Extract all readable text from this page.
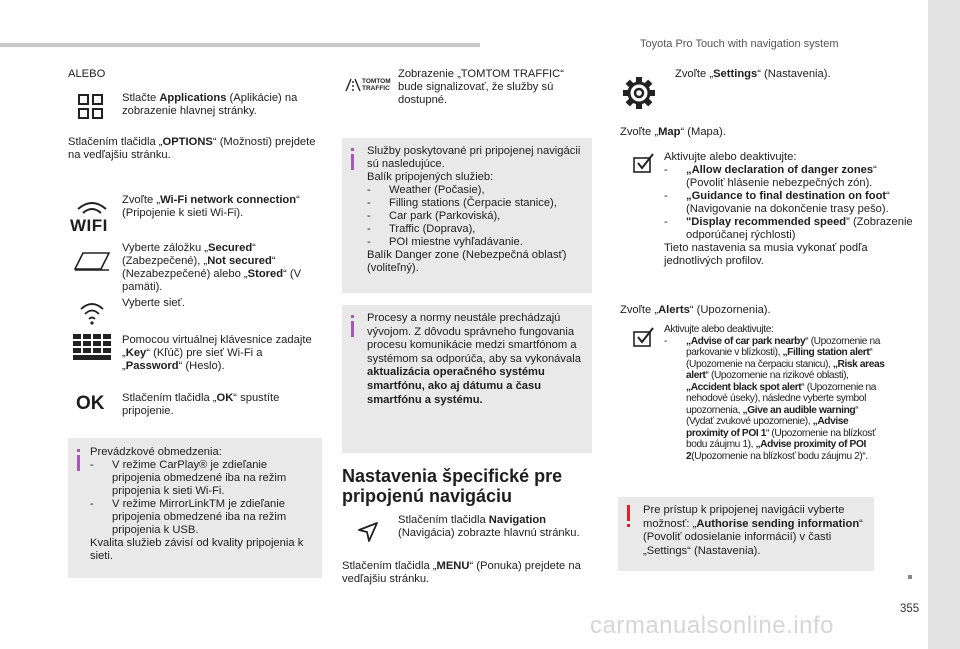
Toyota Pro Touch with navigation system
355
ALEBO
Stlačte Applications (Aplikácie) na zobrazenie hlavnej stránky.
Stlačením tlačidla „OPTIONS“ (Možnosti) prejdete na vedľajšiu stránku.
WIFI
Zvoľte „Wi-Fi network connection“ (Pripojenie k sieti Wi-Fi).
Vyberte záložku „Secured“ (Zabezpečené), „Not secured“ (Nezabezpečené) alebo „Stored“ (V pamäti).
Vyberte sieť.
Pomocou virtuálnej klávesnice zadajte „Key“ (Kľúč) pre sieť Wi-Fi a „Password“ (Heslo).
OK Stlačením tlačidla „OK“ spustíte pripojenie.
Prevádzkové obmedzenia:
- V režime CarPlay® je zdieľanie pripojenia obmedzené iba na režim pripojenia k sieti Wi-Fi.
- V režime MirrorLinkTM je zdieľanie pripojenia obmedzené iba na režim pripojenia k USB.
Kvalita služieb závisí od kvality pripojenia k sieti.
TOMTOM TRAFFIC
Zobrazenie „TOMTOM TRAFFIC“ bude signalizovať, že služby sú dostupné.
Služby poskytované pri pripojenej navigácii sú nasledujúce.
Balík pripojených služieb:
- Weather (Počasie),
- Filling stations (Čerpacie stanice),
- Car park (Parkoviská),
- Traffic (Doprava),
- POI miestne vyhľadávanie.
Balík Danger zone (Nebezpečná oblasť) (voliteľný).
Procesy a normy neustále prechádzajú vývojom. Z dôvodu správneho fungovania procesu komunikácie medzi smartfónom a systémom sa odporúča, aby sa vykonávala aktualizácia operačného systému smartfónu, ako aj dátumu a času smartfónu a systému.
Nastavenia špecifické pre pripojenú navigáciu
Stlačením tlačidla Navigation (Navigácia) zobrazte hlavnú stránku.
Stlačením tlačidla „MENU“ (Ponuka) prejdete na vedľajšiu stránku.
Zvoľte „Settings“ (Nastavenia).
Zvoľte „Map“ (Mapa).
Aktivujte alebo deaktivujte:
- „Allow declaration of danger zones“ (Povoliť hlásenie nebezpečných zón).
- „Guidance to final destination on foot“ (Navigovanie na dokončenie trasy pešo).
- "Display recommended speed” (Zobrazenie odporúčanej rýchlosti)
Tieto nastavenia sa musia vykonať podľa jednotlivých profilov.
Zvoľte „Alerts“ (Upozornenia).
Aktivujte alebo deaktivujte:
- „Advise of car park nearby“ (Upozornenie na parkovanie v blízkosti), „Filling station alert“ (Upozornenie na čerpaciu stanicu), „Risk areas alert“ (Upozornenie na rizikové oblasti), „Accident black spot alert“ (Upozornenie na nehodové úseky), následne vyberte symbol upozornenia, „Give an audible warning“ (Vydať zvukové upozornenie), „Advise proximity of POI 1“ (Upozornenie na blízkosť bodu záujmu 1), „Advise proximity of POI 2(Upozornenie na blízkosť bodu záujmu 2)“.
Pre prístup k pripojenej navigácii vyberte možnosť: „Authorise sending information“ (Povoliť odosielanie informácií) v časti „Settings“ (Nastavenia).
carmanualsonline.info
